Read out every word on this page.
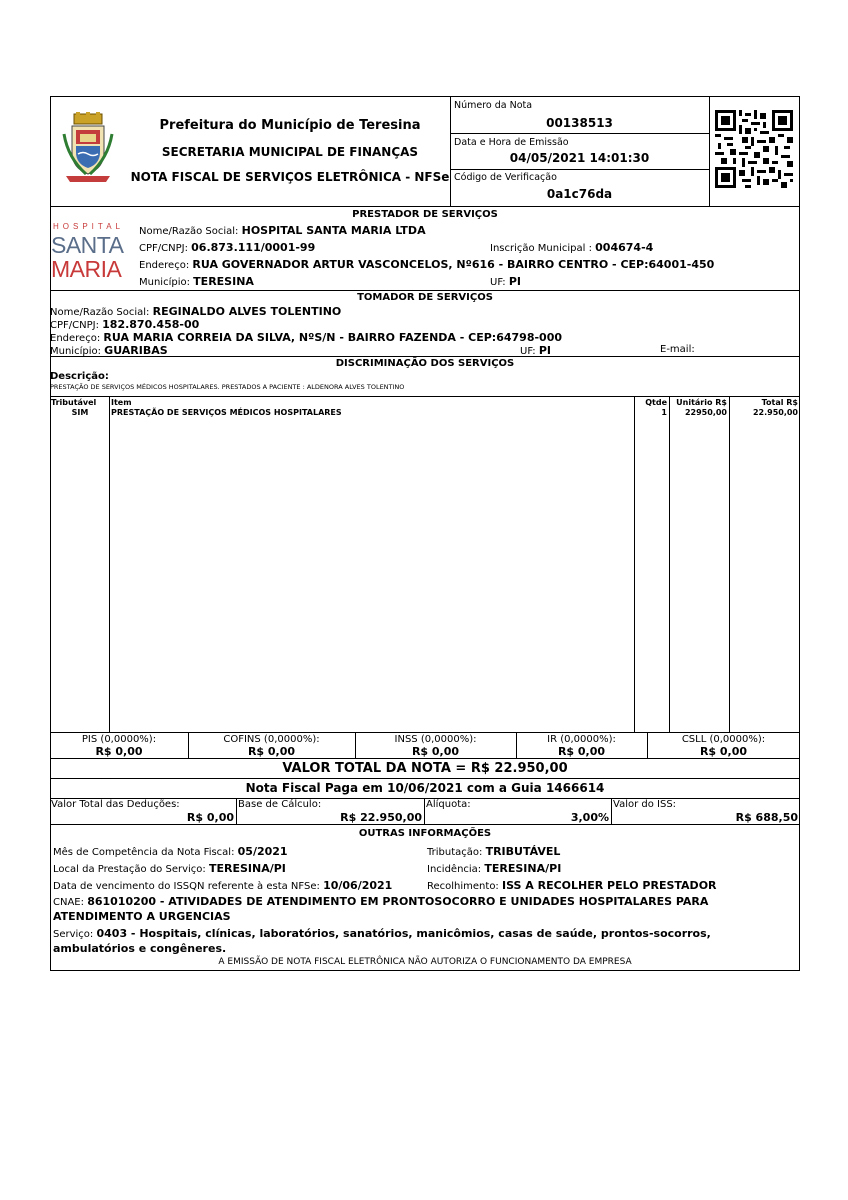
Prefeitura do Município de Teresina
SECRETARIA MUNICIPAL DE FINANÇAS
NOTA FISCAL DE SERVIÇOS ELETRÔNICA - NFSe
Número da Nota
00138513
Data e Hora de Emissão
04/05/2021 14:01:30
Código de Verificação
0a1c76da
PRESTADOR DE SERVIÇOS
HOSPITAL
SANTA
MARIA
Nome/Razão Social: HOSPITAL SANTA MARIA LTDA
CPF/CNPJ: 06.873.111/0001-99	Inscrição Municipal : 004674-4
Endereço: RUA GOVERNADOR ARTUR VASCONCELOS, Nº616 - BAIRRO CENTRO - CEP:64001-450
Município: TERESINA	UF: PI
TOMADOR DE SERVIÇOS
Nome/Razão Social: REGINALDO ALVES TOLENTINO
CPF/CNPJ: 182.870.458-00
Endereço: RUA MARIA CORREIA DA SILVA, NºS/N - BAIRRO FAZENDA - CEP:64798-000
Município: GUARIBAS	UF: PI	E-mail:
DISCRIMINAÇÃO DOS SERVIÇOS
Descrição:
PRESTAÇÃO DE SERVIÇOS MÉDICOS HOSPITALARES. PRESTADOS A PACIENTE : ALDENORA ALVES TOLENTINO
Tributável Item	Qtde	Unitário R$	Total R$
SIM	PRESTAÇÃO DE SERVIÇOS MÉDICOS HOSPITALARES	1	22950,00	22.950,00
PIS (0,0000%):
R$ 0,00
COFINS (0,0000%):
R$ 0,00
INSS (0,0000%):
R$ 0,00
IR (0,0000%):
R$ 0,00
CSLL (0,0000%):
R$ 0,00
VALOR TOTAL DA NOTA = R$ 22.950,00
Nota Fiscal Paga em 10/06/2021 com a Guia 1466614
Valor Total das Deduções:
R$ 0,00
Base de Cálculo:
R$ 22.950,00
Alíquota:
3,00%
Valor do ISS:
R$ 688,50
OUTRAS INFORMAÇÕES
Mês de Competência da Nota Fiscal: 05/2021	Tributação: TRIBUTÁVEL
Local da Prestação do Serviço: TERESINA/PI	Incidência: TERESINA/PI
Data de vencimento do ISSQN referente à esta NFSe: 10/06/2021	Recolhimento: ISS A RECOLHER PELO PRESTADOR
CNAE: 861010200 - ATIVIDADES DE ATENDIMENTO EM PRONTOSOCORRO E UNIDADES HOSPITALARES PARA ATENDIMENTO A URGENCIAS
Serviço: 0403 - Hospitais, clínicas, laboratórios, sanatórios, manicômios, casas de saúde, prontos-socorros, ambulatórios e congêneres.
A EMISSÃO DE NOTA FISCAL ELETRÔNICA NÃO AUTORIZA O FUNCIONAMENTO DA EMPRESA
